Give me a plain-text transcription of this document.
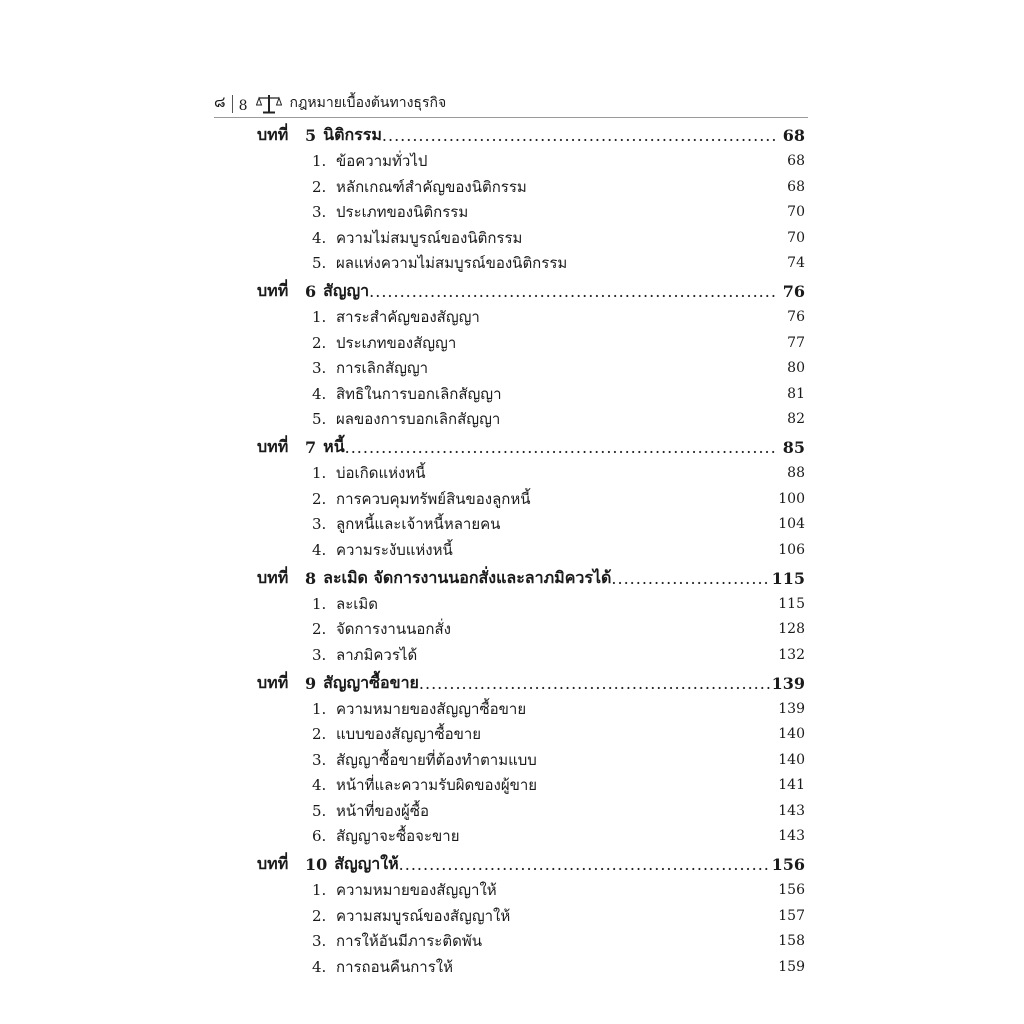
๘ 8	กฎหมายเบื้องต้นทางธุรกิจ
บทที่	5 นิติกรรม .....	68
1. ข้อความทั่วไป	68
2. หลักเกณฑ์สำคัญของนิติกรรม	68
3. ประเภทของนิติกรรม	70
4. ความไม่สมบูรณ์ของนิติกรรม	70
5. ผลแห่งความไม่สมบูรณ์ของนิติกรรม	74
บทที่	6 สัญญา .....	76
1. สาระสำคัญของสัญญา	76
2. ประเภทของสัญญา	77
3. การเลิกสัญญา	80
4. สิทธิในการบอกเลิกสัญญา	81
5. ผลของการบอกเลิกสัญญา	82
บทที่	7 หนี้ .....	85
1. บ่อเกิดแห่งหนี้	88
2. การควบคุมทรัพย์สินของลูกหนี้	100
3. ลูกหนี้และเจ้าหนี้หลายคน	104
4. ความระงับแห่งหนี้	106
บทที่	8 ละเมิด จัดการงานนอกสั่งและลาภมิควรได้ .....	115
1. ละเมิด	115
2. จัดการงานนอกสั่ง	128
3. ลาภมิควรได้	132
บทที่	9 สัญญาซื้อขาย .....	139
1. ความหมายของสัญญาซื้อขาย	139
2. แบบของสัญญาซื้อขาย	140
3. สัญญาซื้อขายที่ต้องทำตามแบบ	140
4. หน้าที่และความรับผิดของผู้ขาย	141
5. หน้าที่ของผู้ซื้อ	143
6. สัญญาจะซื้อจะขาย	143
บทที่	10 สัญญาให้ .....	156
1. ความหมายของสัญญาให้	156
2. ความสมบูรณ์ของสัญญาให้	157
3. การให้อันมีภาระติดพัน	158
4. การถอนคืนการให้	159
